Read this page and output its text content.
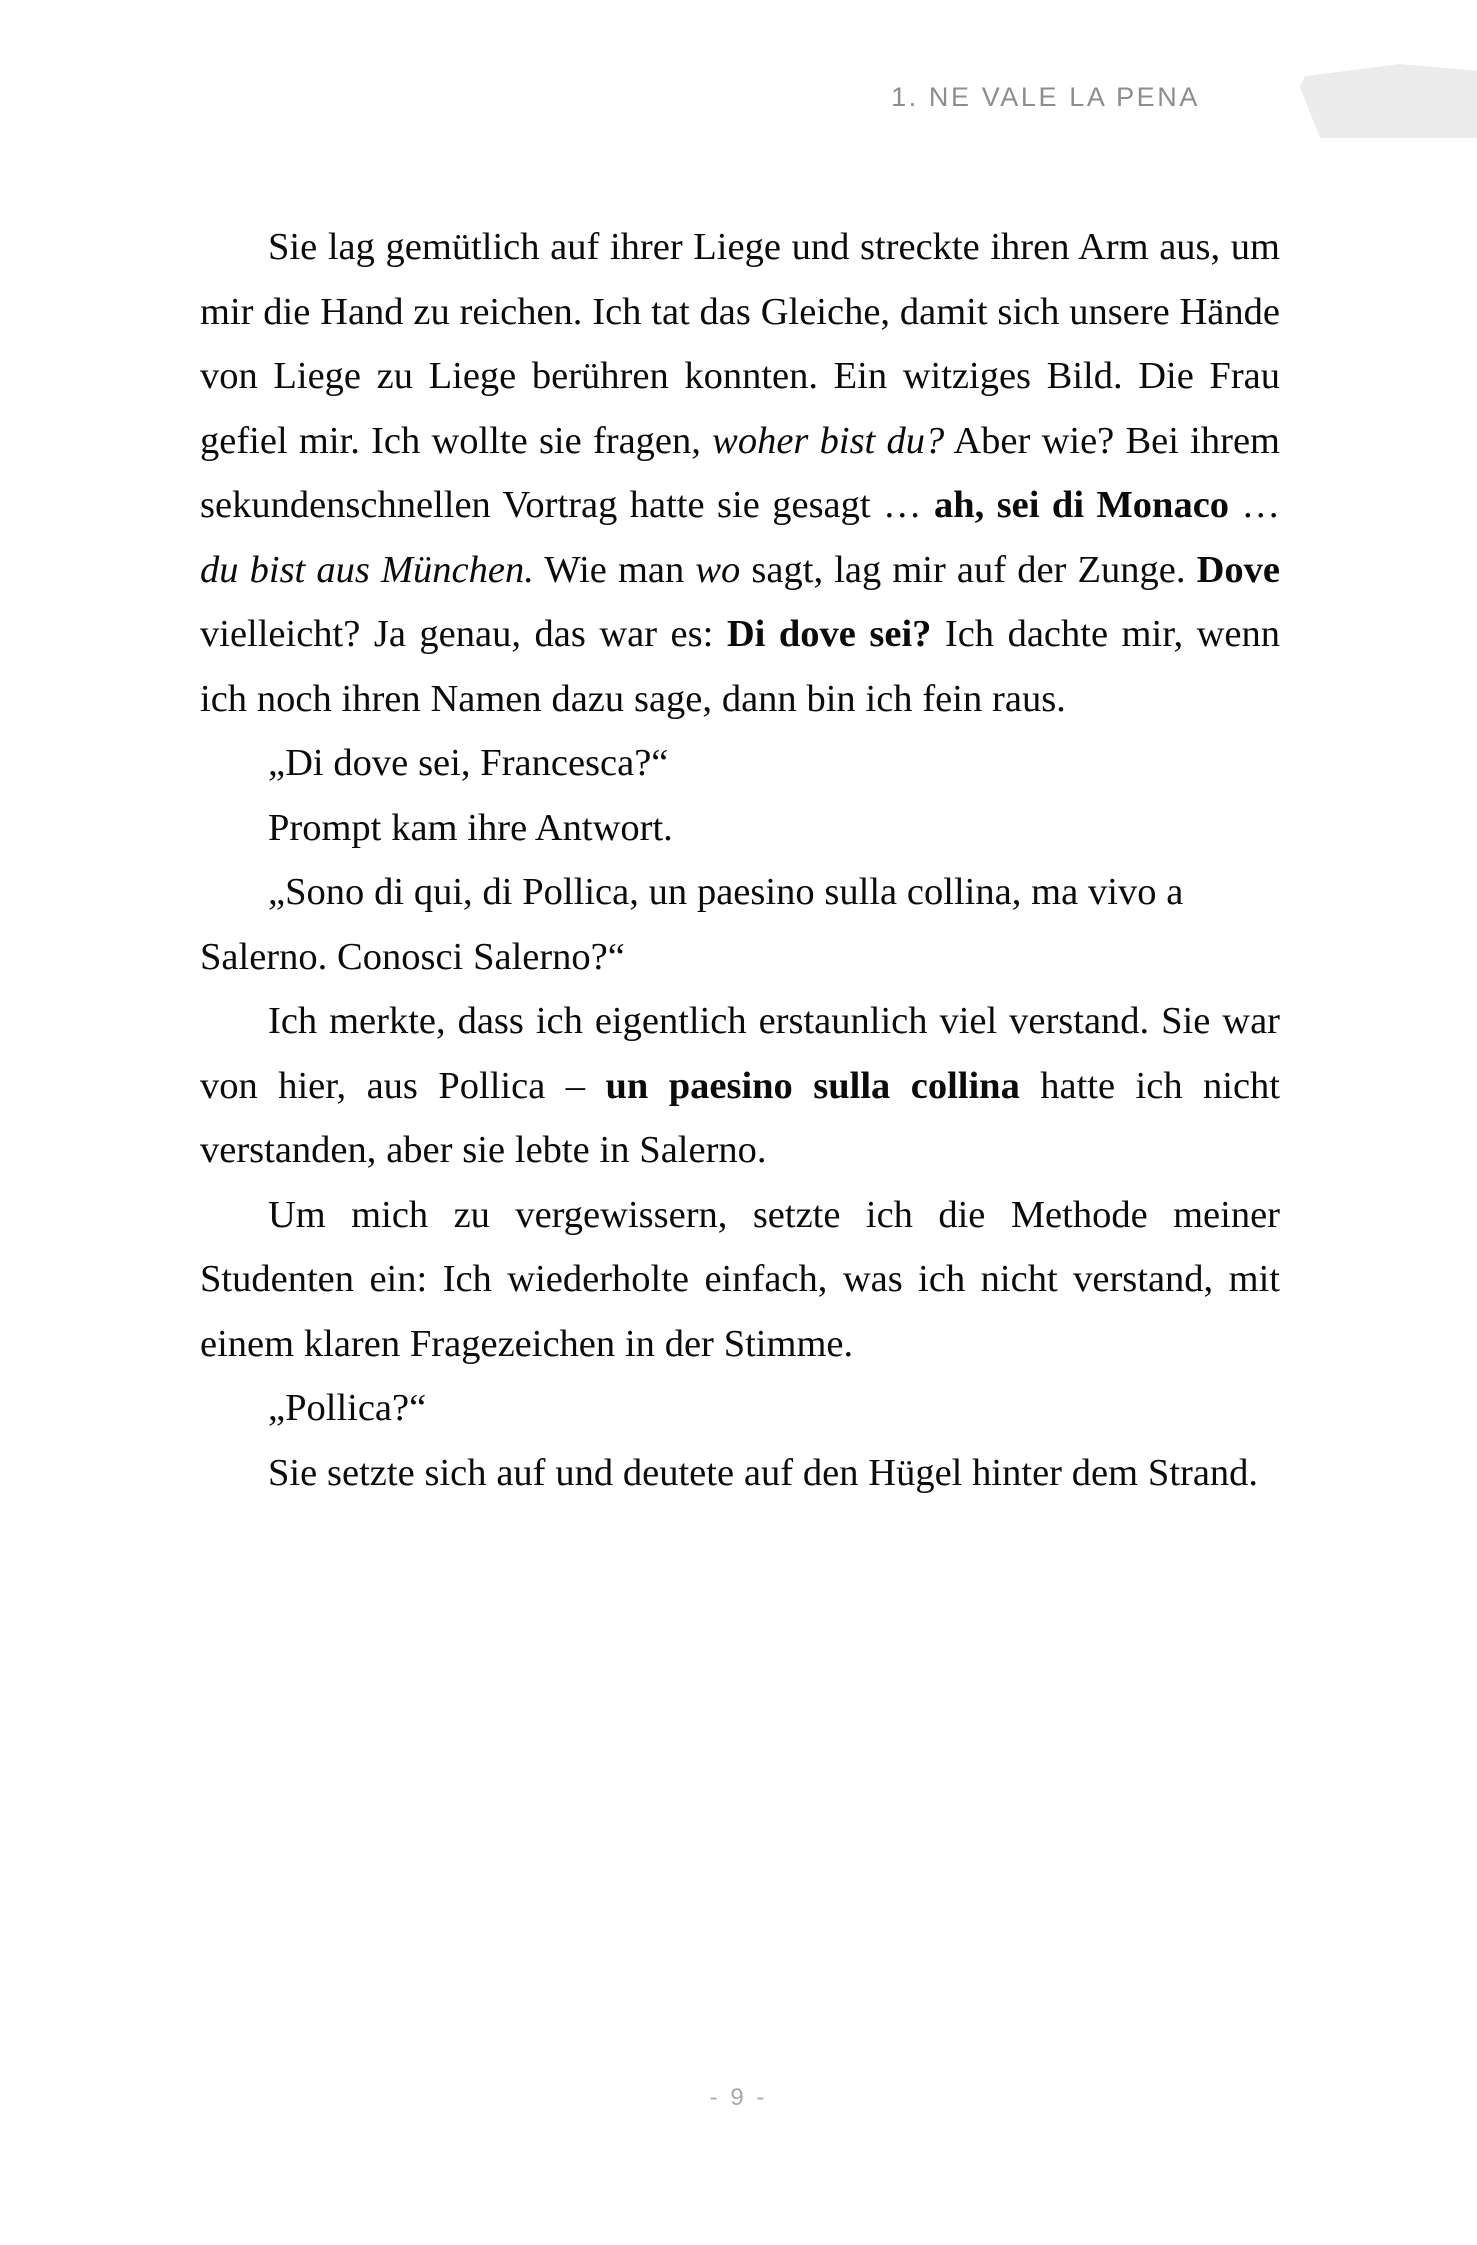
1. NE VALE LA PENA

Sie lag gemütlich auf ihrer Liege und streckte ihren Arm aus, um mir die Hand zu reichen. Ich tat das Gleiche, damit sich unsere Hände von Liege zu Liege berühren konnten. Ein witziges Bild. Die Frau gefiel mir. Ich wollte sie fragen, woher bist du? Aber wie? Bei ihrem sekundenschnellen Vortrag hatte sie gesagt … ah, sei di Monaco … du bist aus München. Wie man wo sagt, lag mir auf der Zunge. Dove vielleicht? Ja genau, das war es: Di dove sei? Ich dachte mir, wenn ich noch ihren Namen dazu sage, dann bin ich fein raus.

„Di dove sei, Francesca?“

Prompt kam ihre Antwort.

„Sono di qui, di Pollica, un paesino sulla collina, ma vivo a Salerno. Conosci Salerno?“

Ich merkte, dass ich eigentlich erstaunlich viel verstand. Sie war von hier, aus Pollica – un paesino sulla collina hatte ich nicht verstanden, aber sie lebte in Salerno.

Um mich zu vergewissern, setzte ich die Methode meiner Studenten ein: Ich wiederholte einfach, was ich nicht verstand, mit einem klaren Fragezeichen in der Stimme.

„Pollica?“

Sie setzte sich auf und deutete auf den Hügel hinter dem Strand.

- 9 -
